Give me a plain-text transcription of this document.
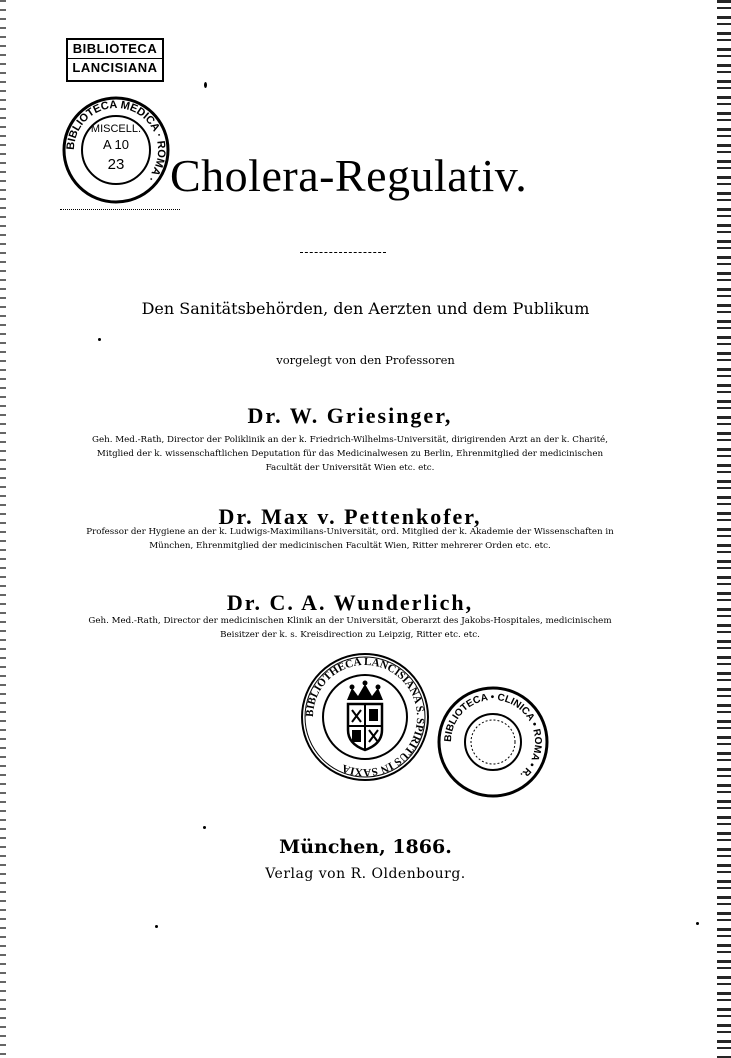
BIBLIOTECA
LANCISIANA
BIBLIOTECA MEDICA · ROMA ·
MISCELL.
A 10
23 Cholera-Regulativ.
Den Sanitätsbehörden, den Aerzten und dem Publikum
vorgelegt von den Professoren
Dr. W. Griesinger,
Geh. Med.-Rath, Director der Poliklinik an der k. Friedrich-Wilhelms-Universität, dirigirenden Arzt an der k. Charité, Mitglied der k. wissenschaftlichen Deputation für das Medicinalwesen zu Berlin, Ehrenmitglied der medicinischen Facultät der Universität Wien etc. etc.
Dr. Max v. Pettenkofer,
Professor der Hygiene an der k. Ludwigs-Maximilians-Universität, ord. Mitglied der k. Akademie der Wissenschaften in München, Ehrenmitglied der medicinischen Facultät Wien, Ritter mehrerer Orden etc. etc.
Dr. C. A. Wunderlich,
Geh. Med.-Rath, Director der medicinischen Klinik an der Universität, Oberarzt des Jakobs-Hospitales, medicinischem Beisitzer der k. s. Kreisdirection zu Leipzig, Ritter etc. etc.
BIBLIOTHECA LANCISIANA S. SPIRITUS IN SAXIA
BIBLIOTECA • CLINICA • ROMA • R.
München, 1866.
Verlag von R. Oldenbourg.
